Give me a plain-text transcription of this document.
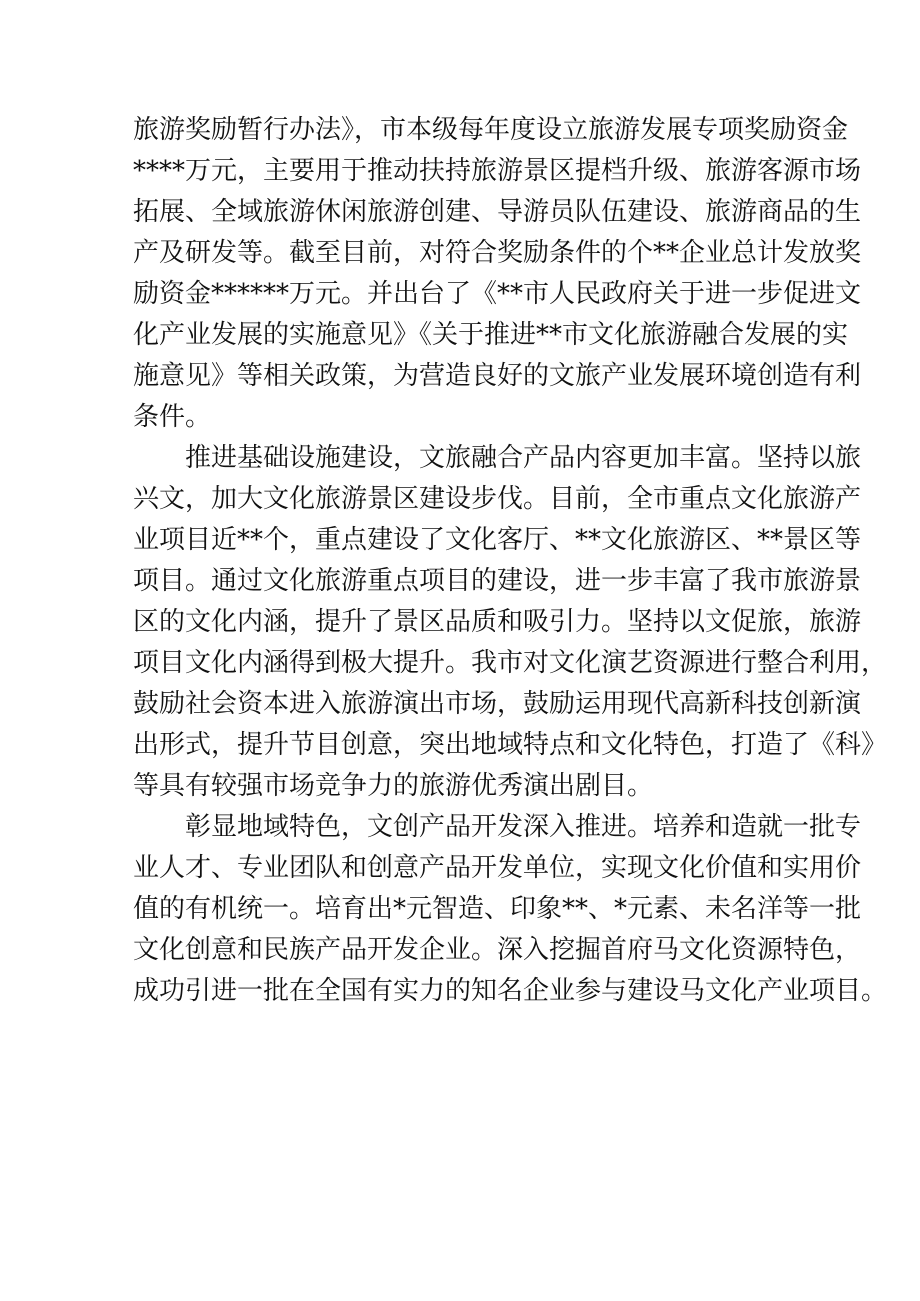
旅游奖励暂行办法》，市本级每年度设立旅游发展专项奖励资金
****万元，主要用于推动扶持旅游景区提档升级、旅游客源市场
拓展、全域旅游休闲旅游创建、导游员队伍建设、旅游商品的生
产及研发等。截至目前，对符合奖励条件的个**企业总计发放奖
励资金******万元。并出台了《**市人民政府关于进一步促进文
化产业发展的实施意见》《关于推进**市文化旅游融合发展的实
施意见》等相关政策，为营造良好的文旅产业发展环境创造有利
条件。
推进基础设施建设，文旅融合产品内容更加丰富。坚持以旅
兴文，加大文化旅游景区建设步伐。目前，全市重点文化旅游产
业项目近**个，重点建设了文化客厅、**文化旅游区、**景区等
项目。通过文化旅游重点项目的建设，进一步丰富了我市旅游景
区的文化内涵，提升了景区品质和吸引力。坚持以文促旅，旅游
项目文化内涵得到极大提升。我市对文化演艺资源进行整合利用，
鼓励社会资本进入旅游演出市场，鼓励运用现代高新科技创新演
出形式，提升节目创意，突出地域特点和文化特色，打造了《科》
等具有较强市场竞争力的旅游优秀演出剧目。
彰显地域特色，文创产品开发深入推进。培养和造就一批专
业人才、专业团队和创意产品开发单位，实现文化价值和实用价
值的有机统一。培育出*元智造、印象**、*元素、未名洋等一批
文化创意和民族产品开发企业。深入挖掘首府马文化资源特色，
成功引进一批在全国有实力的知名企业参与建设马文化产业项目。
